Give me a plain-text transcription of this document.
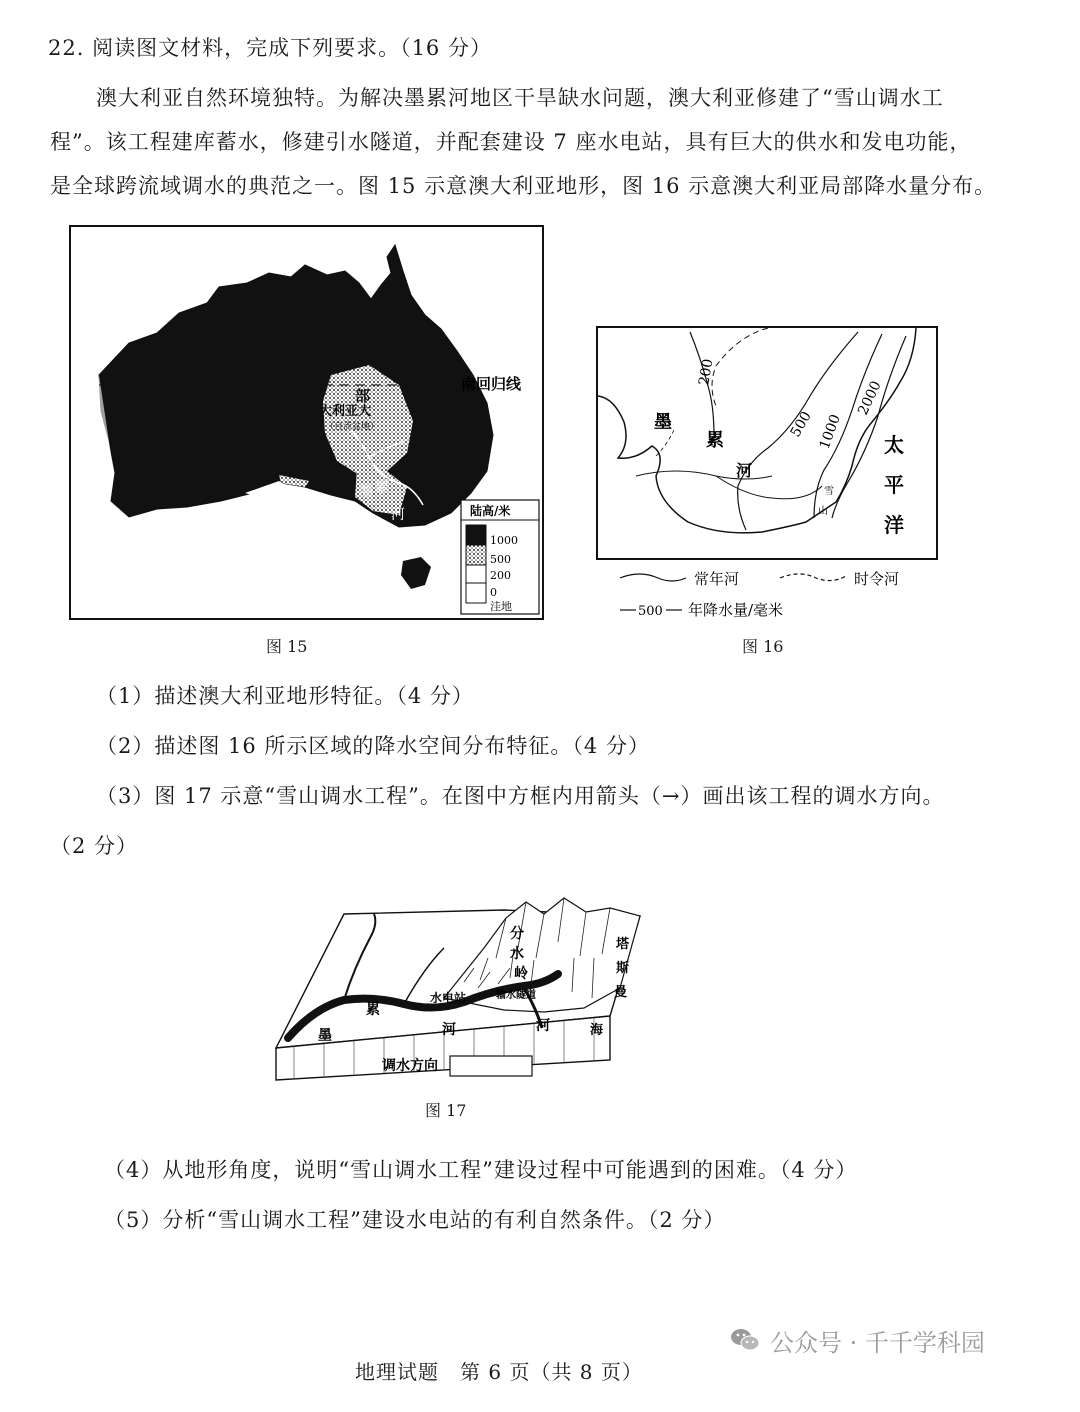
22. 阅读图文材料，完成下列要求。（16 分）
澳大利亚自然环境独特。为解决墨累河地区干旱缺水问题，澳大利亚修建了“雪山调水工
程”。该工程建库蓄水，修建引水隧道，并配套建设 7 座水电站，具有巨大的供水和发电功能，
是全球跨流域调水的典范之一。图 15 示意澳大利亚地形，图 16 示意澳大利亚局部降水量分布。
南回归线
部
大利亚大
（自流盆地）
墨 累
河	陆高/米
1000
500
200
0
洼地
图 15
200
500 1000
2000
墨
累
河
雪
山
太
平
洋
常年河	时令河
500 年降水量/毫米
图 16
（1）描述澳大利亚地形特征。（4 分）
（2）描述图 16 所示区域的降水空间分布特征。（4 分）
（3）图 17 示意“雪山调水工程”。在图中方框内用箭头（→）画出该工程的调水方向。
（2 分）
分
水
岭
水电站	输水隧道
墨
累
河	河
塔
斯
曼
海
调水方向
图 17
（4）从地形角度，说明“雪山调水工程”建设过程中可能遇到的困难。（4 分）
（5）分析“雪山调水工程”建设水电站的有利自然条件。（2 分）
地理试题　第 6 页（共 8 页）
公众号 · 千千学科园
